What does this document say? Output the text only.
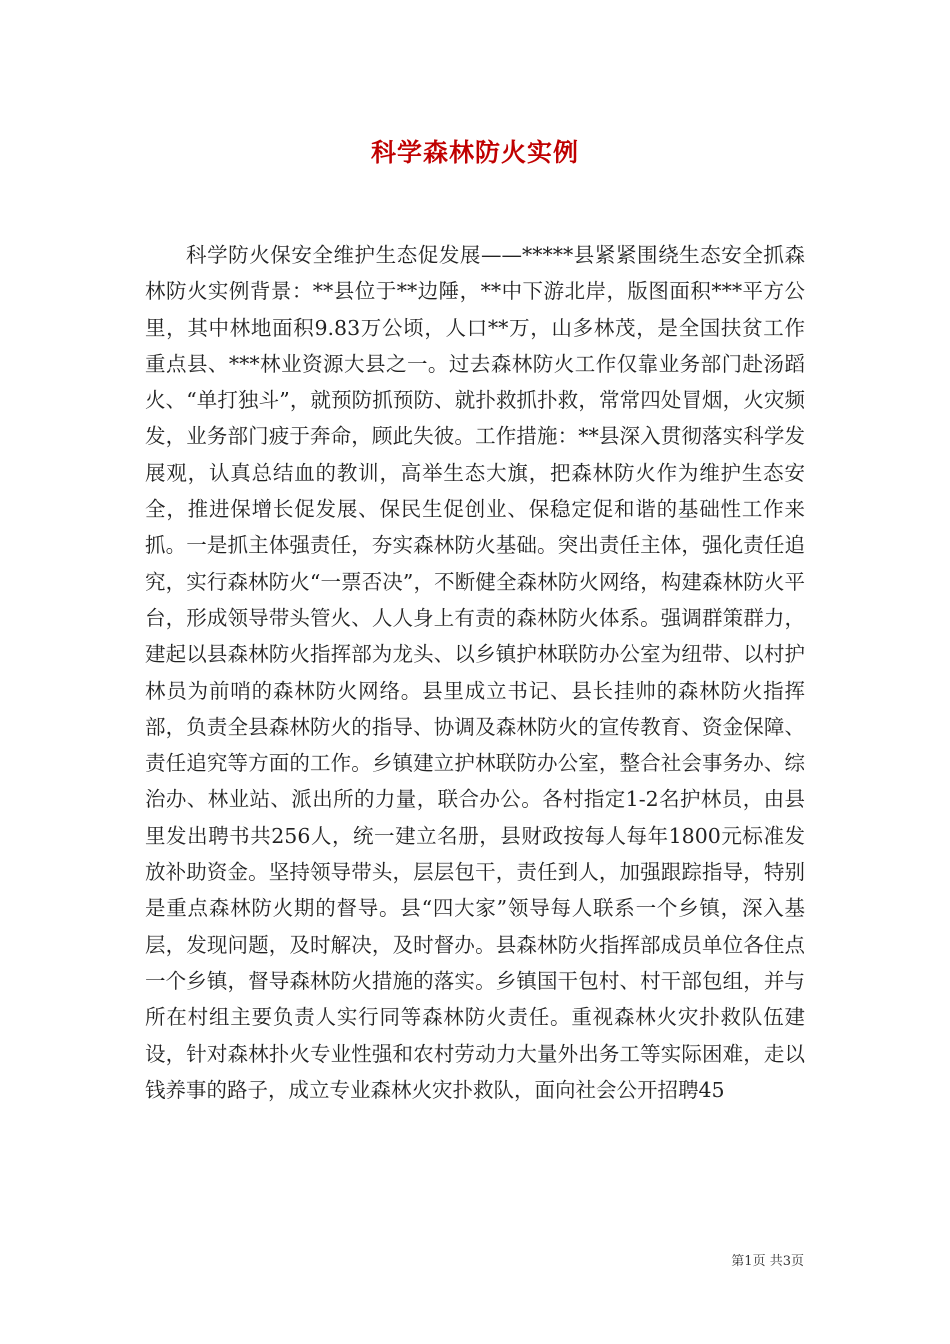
科学森林防火实例

科学防火保安全维护生态促发展——*****县紧紧围绕生态安全抓森林防火实例背景：**县位于**边陲，**中下游北岸，版图面积***平方公里，其中林地面积9.83万公顷，人口**万，山多林茂，是全国扶贫工作重点县、***林业资源大县之一。过去森林防火工作仅靠业务部门赴汤蹈火、“单打独斗”，就预防抓预防、就扑救抓扑救，常常四处冒烟，火灾频发，业务部门疲于奔命，顾此失彼。工作措施：**县深入贯彻落实科学发展观，认真总结血的教训，高举生态大旗，把森林防火作为维护生态安全，推进保增长促发展、保民生促创业、保稳定促和谐的基础性工作来抓。一是抓主体强责任，夯实森林防火基础。突出责任主体，强化责任追究，实行森林防火“一票否决”，不断健全森林防火网络，构建森林防火平台，形成领导带头管火、人人身上有责的森林防火体系。强调群策群力，建起以县森林防火指挥部为龙头、以乡镇护林联防办公室为纽带、以村护林员为前哨的森林防火网络。县里成立书记、县长挂帅的森林防火指挥部，负责全县森林防火的指导、协调及森林防火的宣传教育、资金保障、责任追究等方面的工作。乡镇建立护林联防办公室，整合社会事务办、综治办、林业站、派出所的力量，联合办公。各村指定1-2名护林员，由县里发出聘书共256人，统一建立名册，县财政按每人每年1800元标准发放补助资金。坚持领导带头，层层包干，责任到人，加强跟踪指导，特别是重点森林防火期的督导。县“四大家”领导每人联系一个乡镇，深入基层，发现问题，及时解决，及时督办。县森林防火指挥部成员单位各住点一个乡镇，督导森林防火措施的落实。乡镇国干包村、村干部包组，并与所在村组主要负责人实行同等森林防火责任。重视森林火灾扑救队伍建设，针对森林扑火专业性强和农村劳动力大量外出务工等实际困难，走以钱养事的路子，成立专业森林火灾扑救队，面向社会公开招聘45

第1页 共3页
